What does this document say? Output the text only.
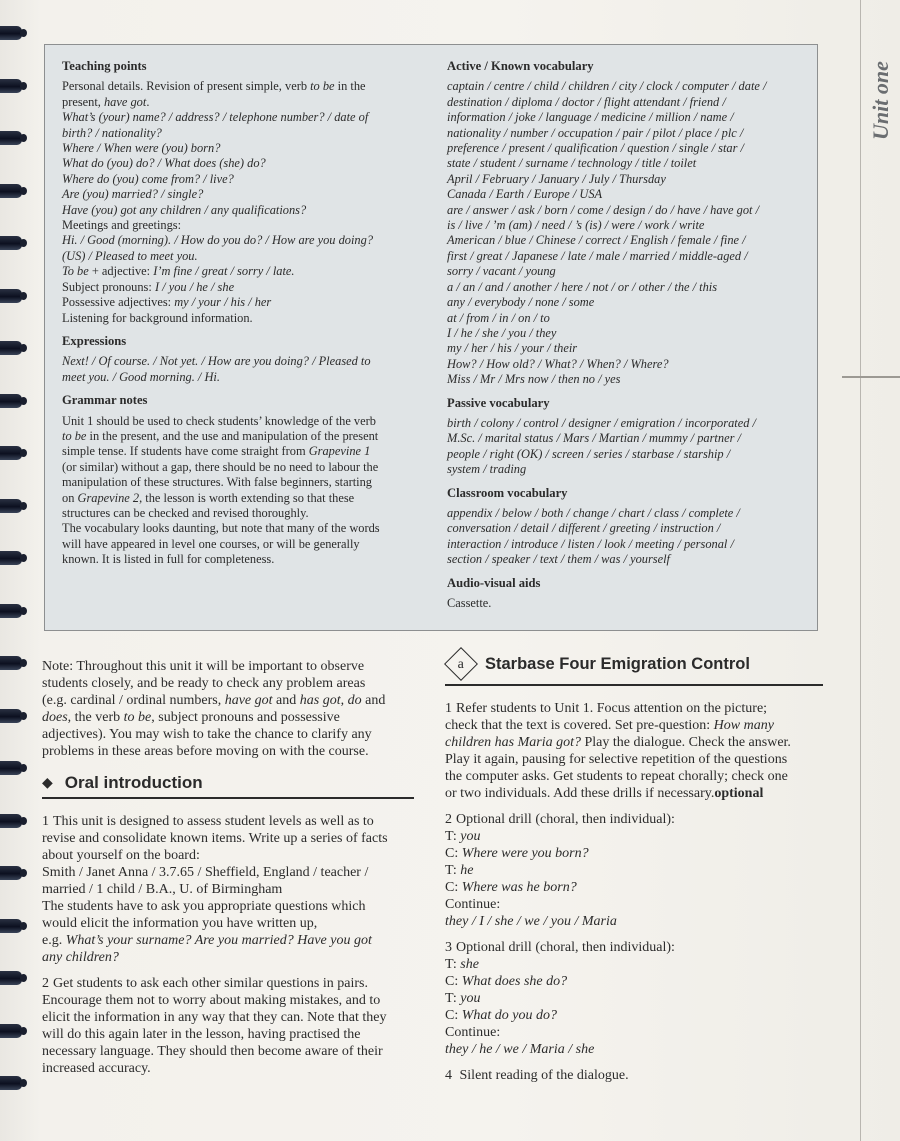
Unit one
Teaching points
Personal details. Revision of present simple, verb to be in the
present, have got.
What’s (your) name? / address? / telephone number? / date of
birth? / nationality?
Where / When were (you) born?
What do (you) do? / What does (she) do?
Where do (you) come from? / live?
Are (you) married? / single?
Have (you) got any children / any qualifications?
Meetings and greetings:
Hi. / Good (morning). / How do you do? / How are you doing?
(US) / Pleased to meet you.
To be + adjective: I’m fine / great / sorry / late.
Subject pronouns: I / you / he / she
Possessive adjectives: my / your / his / her
Listening for background information.
Expressions
Next! / Of course. / Not yet. / How are you doing? / Pleased to
meet you. / Good morning. / Hi.
Grammar notes
Unit 1 should be used to check students’ knowledge of the verb
to be in the present, and the use and manipulation of the present
simple tense. If students have come straight from Grapevine 1
(or similar) without a gap, there should be no need to labour the
manipulation of these structures. With false beginners, starting
on Grapevine 2, the lesson is worth extending so that these
structures can be checked and revised thoroughly.
The vocabulary looks daunting, but note that many of the words
will have appeared in level one courses, or will be generally
known. It is listed in full for completeness.
Active / Known vocabulary
captain / centre / child / children / city / clock / computer / date /
destination / diploma / doctor / flight attendant / friend /
information / joke / language / medicine / million / name /
nationality / number / occupation / pair / pilot / place / plc /
preference / present / qualification / question / single / star /
state / student / surname / technology / title / toilet
April / February / January / July / Thursday
Canada / Earth / Europe / USA
are / answer / ask / born / come / design / do / have / have got /
is / live / ’m (am) / need / ’s (is) / were / work / write
American / blue / Chinese / correct / English / female / fine /
first / great / Japanese / late / male / married / middle-aged /
sorry / vacant / young
a / an / and / another / here / not / or / other / the / this
any / everybody / none / some
at / from / in / on / to
I / he / she / you / they
my / her / his / your / their
How? / How old? / What? / When? / Where?
Miss / Mr / Mrs now / then no / yes
Passive vocabulary
birth / colony / control / designer / emigration / incorporated /
M.Sc. / marital status / Mars / Martian / mummy / partner /
people / right (OK) / screen / series / starbase / starship /
system / trading
Classroom vocabulary
appendix / below / both / change / chart / class / complete /
conversation / detail / different / greeting / instruction /
interaction / introduce / listen / look / meeting / personal /
section / speaker / text / them / was / yourself
Audio-visual aids
Cassette.
Note: Throughout this unit it will be important to observe
students closely, and be ready to check any problem areas
(e.g. cardinal / ordinal numbers, have got and has got, do and
does, the verb to be, subject pronouns and possessive
adjectives). You may wish to take the chance to clarify any
problems in these areas before moving on with the course.
◆ Oral introduction
1 This unit is designed to assess student levels as well as to
revise and consolidate known items. Write up a series of facts
about yourself on the board:
Smith / Janet Anna / 3.7.65 / Sheffield, England / teacher /
married / 1 child / B.A., U. of Birmingham
The students have to ask you appropriate questions which
would elicit the information you have written up,
e.g. What’s your surname? Are you married? Have you got
any children?
2 Get students to ask each other similar questions in pairs.
Encourage them not to worry about making mistakes, and to
elicit the information in any way that they can. Note that they
will do this again later in the lesson, having practised the
necessary language. They should then become aware of their
increased accuracy.
a Starbase Four Emigration Control
1 Refer students to Unit 1. Focus attention on the picture;
check that the text is covered. Set pre-question: How many
children has Maria got? Play the dialogue. Check the answer.
Play it again, pausing for selective repetition of the questions
the computer asks. Get students to repeat chorally; check one
or two individuals. Add these drills if necessary.optional
2 Optional drill (choral, then individual):
T: you
C: Where were you born?
T: he
C: Where was he born?
Continue:
they / I / she / we / you / Maria
3 Optional drill (choral, then individual):
T: she
C: What does she do?
T: you
C: What do you do?
Continue:
they / he / we / Maria / she
4 Silent reading of the dialogue.
